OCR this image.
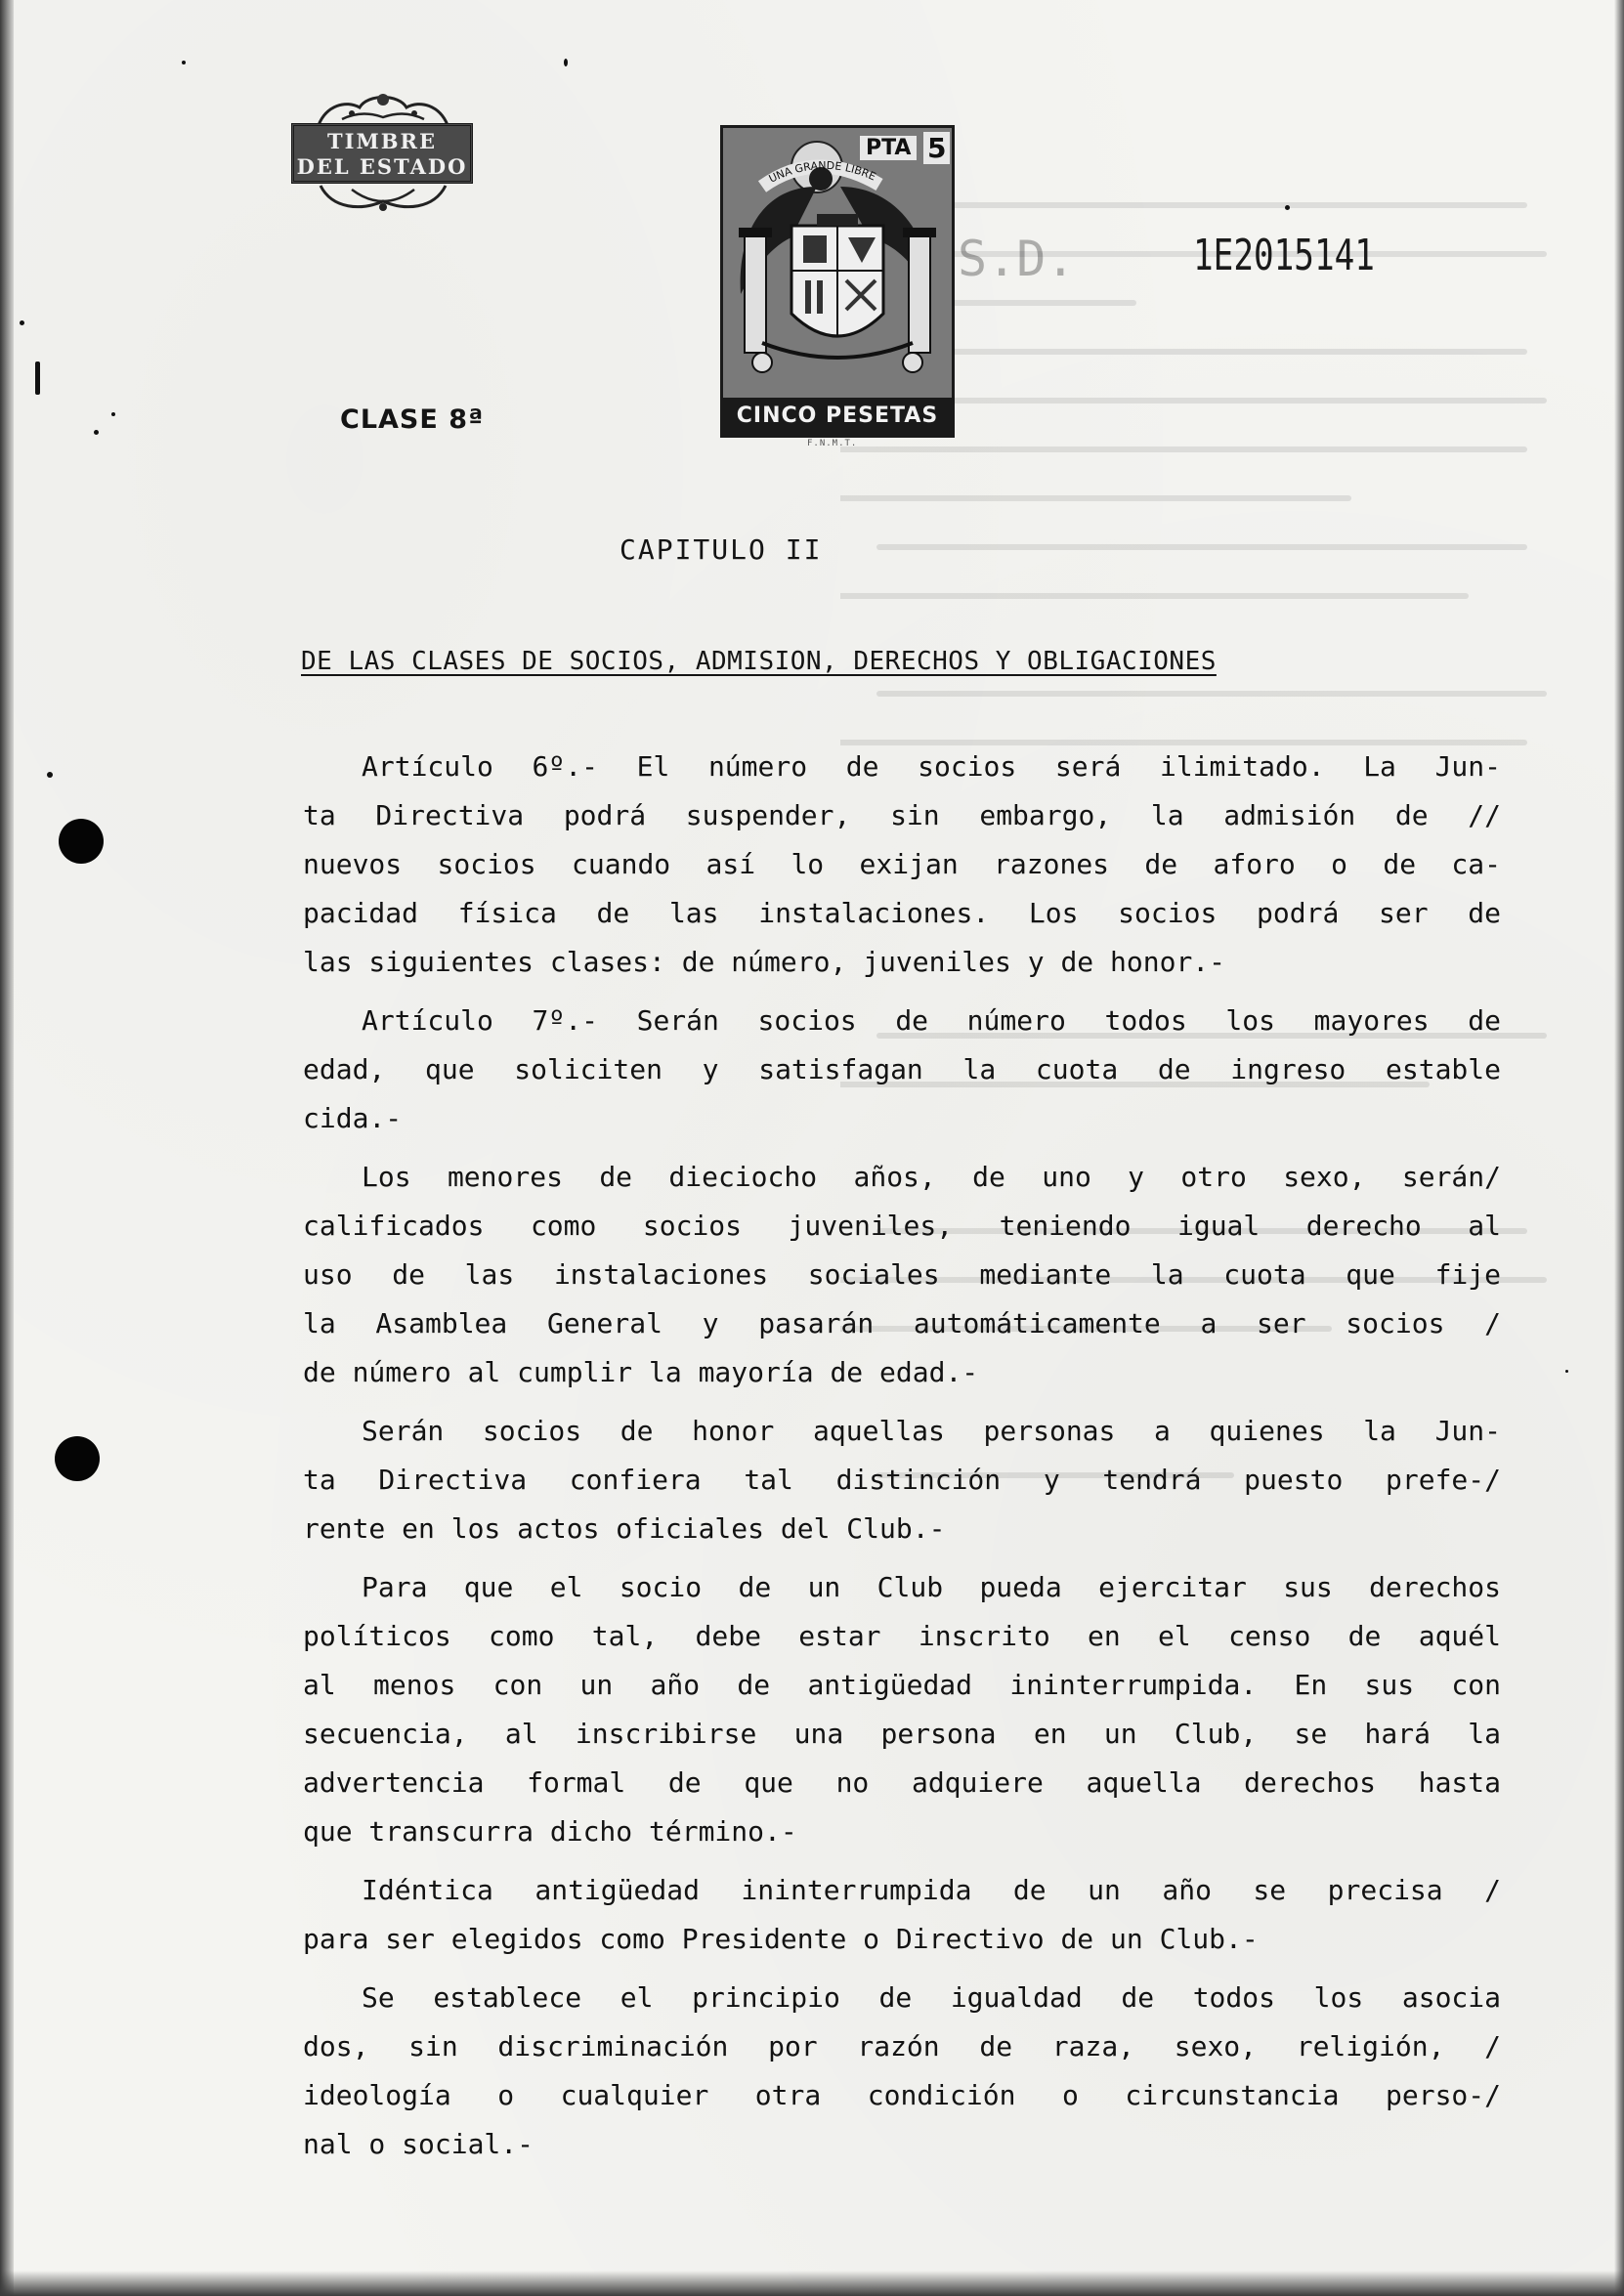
TIMBRE
DEL ESTADO
CLASE 8ª
PTA 5
UNA GRANDE LIBRE
CINCO PESETAS
F.N.M.T.
S.D.	1E2015141
CAPITULO II
DE LAS CLASES DE SOCIOS, ADMISION, DERECHOS Y OBLIGACIONES
Artículo 6º.- El número de socios será ilimitado. La Jun-
ta Directiva podrá suspender, sin embargo, la admisión de //
nuevos socios cuando así lo exijan razones de aforo o de ca-
pacidad física de las instalaciones. Los socios podrá ser de
las siguientes clases: de número, juveniles y de honor.-
Artículo 7º.- Serán socios de número todos los mayores de
edad, que soliciten y satisfagan la cuota de ingreso estable
cida.-
Los menores de dieciocho años, de uno y otro sexo, serán/
calificados como socios juveniles, teniendo igual derecho al
uso de las instalaciones sociales mediante la cuota que fije
la Asamblea General y pasarán automáticamente a ser socios /
de número al cumplir la mayoría de edad.-
Serán socios de honor aquellas personas a quienes la Jun-
ta Directiva confiera tal distinción y tendrá puesto prefe-/
rente en los actos oficiales del Club.-
Para que el socio de un Club pueda ejercitar sus derechos
políticos como tal, debe estar inscrito en el censo de aquél
al menos con un año de antigüedad ininterrumpida. En sus con
secuencia, al inscribirse una persona en un Club, se hará la
advertencia formal de que no adquiere aquella derechos hasta
que transcurra dicho término.-
Idéntica antigüedad ininterrumpida de un año se precisa /
para ser elegidos como Presidente o Directivo de un Club.-
Se establece el principio de igualdad de todos los asocia
dos, sin discriminación por razón de raza, sexo, religión, /
ideología o cualquier otra condición o circunstancia perso-/
nal o social.-
